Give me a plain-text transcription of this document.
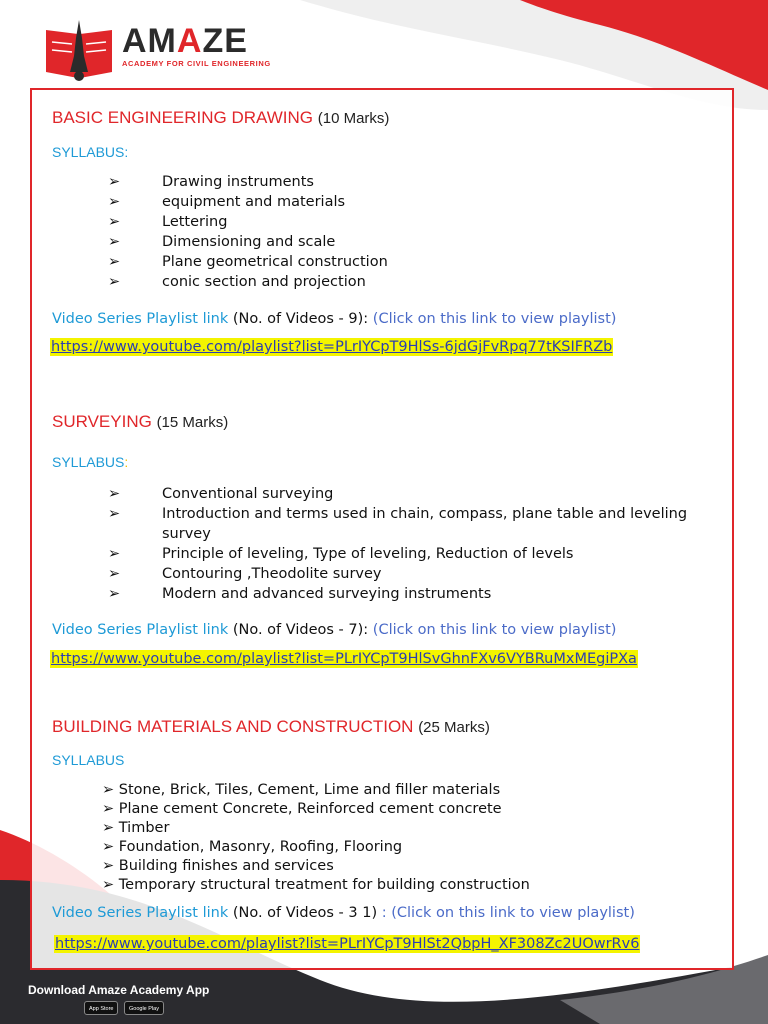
AMAZE
ACADEMY FOR CIVIL ENGINEERING
BASIC ENGINEERING DRAWING (10 Marks)
SYLLABUS:
➢	Drawing instruments
➢	equipment and materials
➢	Lettering
➢	Dimensioning and scale
➢	Plane geometrical construction
➢	conic section and projection
Video Series Playlist link (No. of Videos - 9): (Click on this link to view playlist)
https://www.youtube.com/playlist?list=PLrIYCpT9HlSs-6jdGjFvRpq77tKSIFRZb
SURVEYING (15 Marks)
SYLLABUS:
➢	Conventional surveying
➢	Introduction and terms used in chain, compass, plane table and leveling survey
➢	Principle of leveling, Type of leveling, Reduction of levels
➢	Contouring ,Theodolite survey
➢	Modern and advanced surveying instruments
Video Series Playlist link (No. of Videos - 7): (Click on this link to view playlist)
https://www.youtube.com/playlist?list=PLrIYCpT9HlSvGhnFXv6VYBRuMxMEgiPXa
BUILDING MATERIALS AND CONSTRUCTION (25 Marks)
SYLLABUS
➢ Stone, Brick, Tiles, Cement, Lime and filler materials
➢ Plane cement Concrete, Reinforced cement concrete
➢ Timber
➢ Foundation, Masonry, Roofing, Flooring
➢ Building finishes and services
➢ Temporary structural treatment for building construction
Video Series Playlist link (No. of Videos - 3 1) : (Click on this link to view playlist)
https://www.youtube.com/playlist?list=PLrIYCpT9HlSt2QbpH_XF308Zc2UOwrRv6
Download Amaze Academy App
App Store	Google Play
